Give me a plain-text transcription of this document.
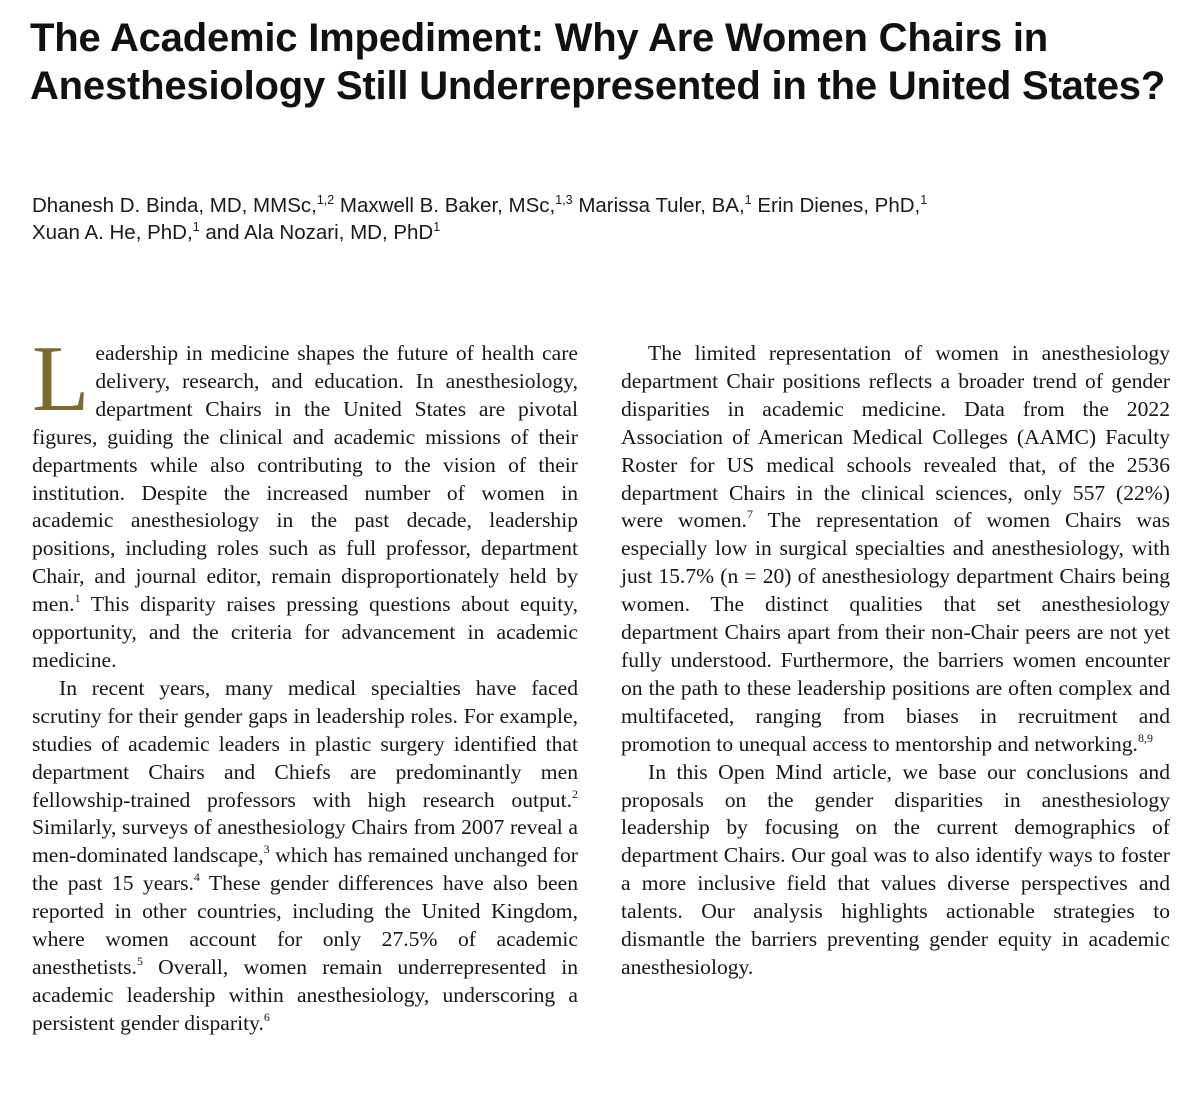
The Academic Impediment: Why Are Women Chairs in Anesthesiology Still Underrepresented in the United States?

Dhanesh D. Binda, MD, MMSc,$^{1,2}$ Maxwell B. Baker, MSc,$^{1,3}$ Marissa Tuler, BA,$^1$ Erin Dienes, PhD,$^1$
Xuan A. He, PhD,$^1$ and Ala Nozari, MD, PhD$^1$

Leadership in medicine shapes the future of health care delivery, research, and education. In anesthesiology, department Chairs in the United States are pivotal figures, guiding the clinical and academic missions of their departments while also contributing to the vision of their institution. Despite the increased number of women in academic anesthesiology in the past decade, leadership positions, including roles such as full professor, department Chair, and journal editor, remain disproportionately held by men.$^1$ This disparity raises pressing questions about equity, opportunity, and the criteria for advancement in academic medicine.

In recent years, many medical specialties have faced scrutiny for their gender gaps in leadership roles. For example, studies of academic leaders in plastic surgery identified that department Chairs and Chiefs are predominantly men fellowship-trained professors with high research output.$^2$ Similarly, surveys of anesthesiology Chairs from 2007 reveal a men-dominated landscape,$^3$ which has remained unchanged for the past 15 years.$^4$ These gender differences have also been reported in other countries, including the United Kingdom, where women account for only 27.5% of academic anesthetists.$^5$ Overall, women remain underrepresented in academic leadership within anesthesiology, underscoring a persistent gender disparity.$^6$

The limited representation of women in anesthesiology department Chair positions reflects a broader trend of gender disparities in academic medicine. Data from the 2022 Association of American Medical Colleges (AAMC) Faculty Roster for US medical schools revealed that, of the 2536 department Chairs in the clinical sciences, only 557 (22%) were women.$^7$ The representation of women Chairs was especially low in surgical specialties and anesthesiology, with just 15.7% (n = 20) of anesthesiology department Chairs being women. The distinct qualities that set anesthesiology department Chairs apart from their non-Chair peers are not yet fully understood. Furthermore, the barriers women encounter on the path to these leadership positions are often complex and multifaceted, ranging from biases in recruitment and promotion to unequal access to mentorship and networking.$^{8,9}$

In this Open Mind article, we base our conclusions and proposals on the gender disparities in anesthesiology leadership by focusing on the current demographics of department Chairs. Our goal was to also identify ways to foster a more inclusive field that values diverse perspectives and talents. Our analysis highlights actionable strategies to dismantle the barriers preventing gender equity in academic anesthesiology.
